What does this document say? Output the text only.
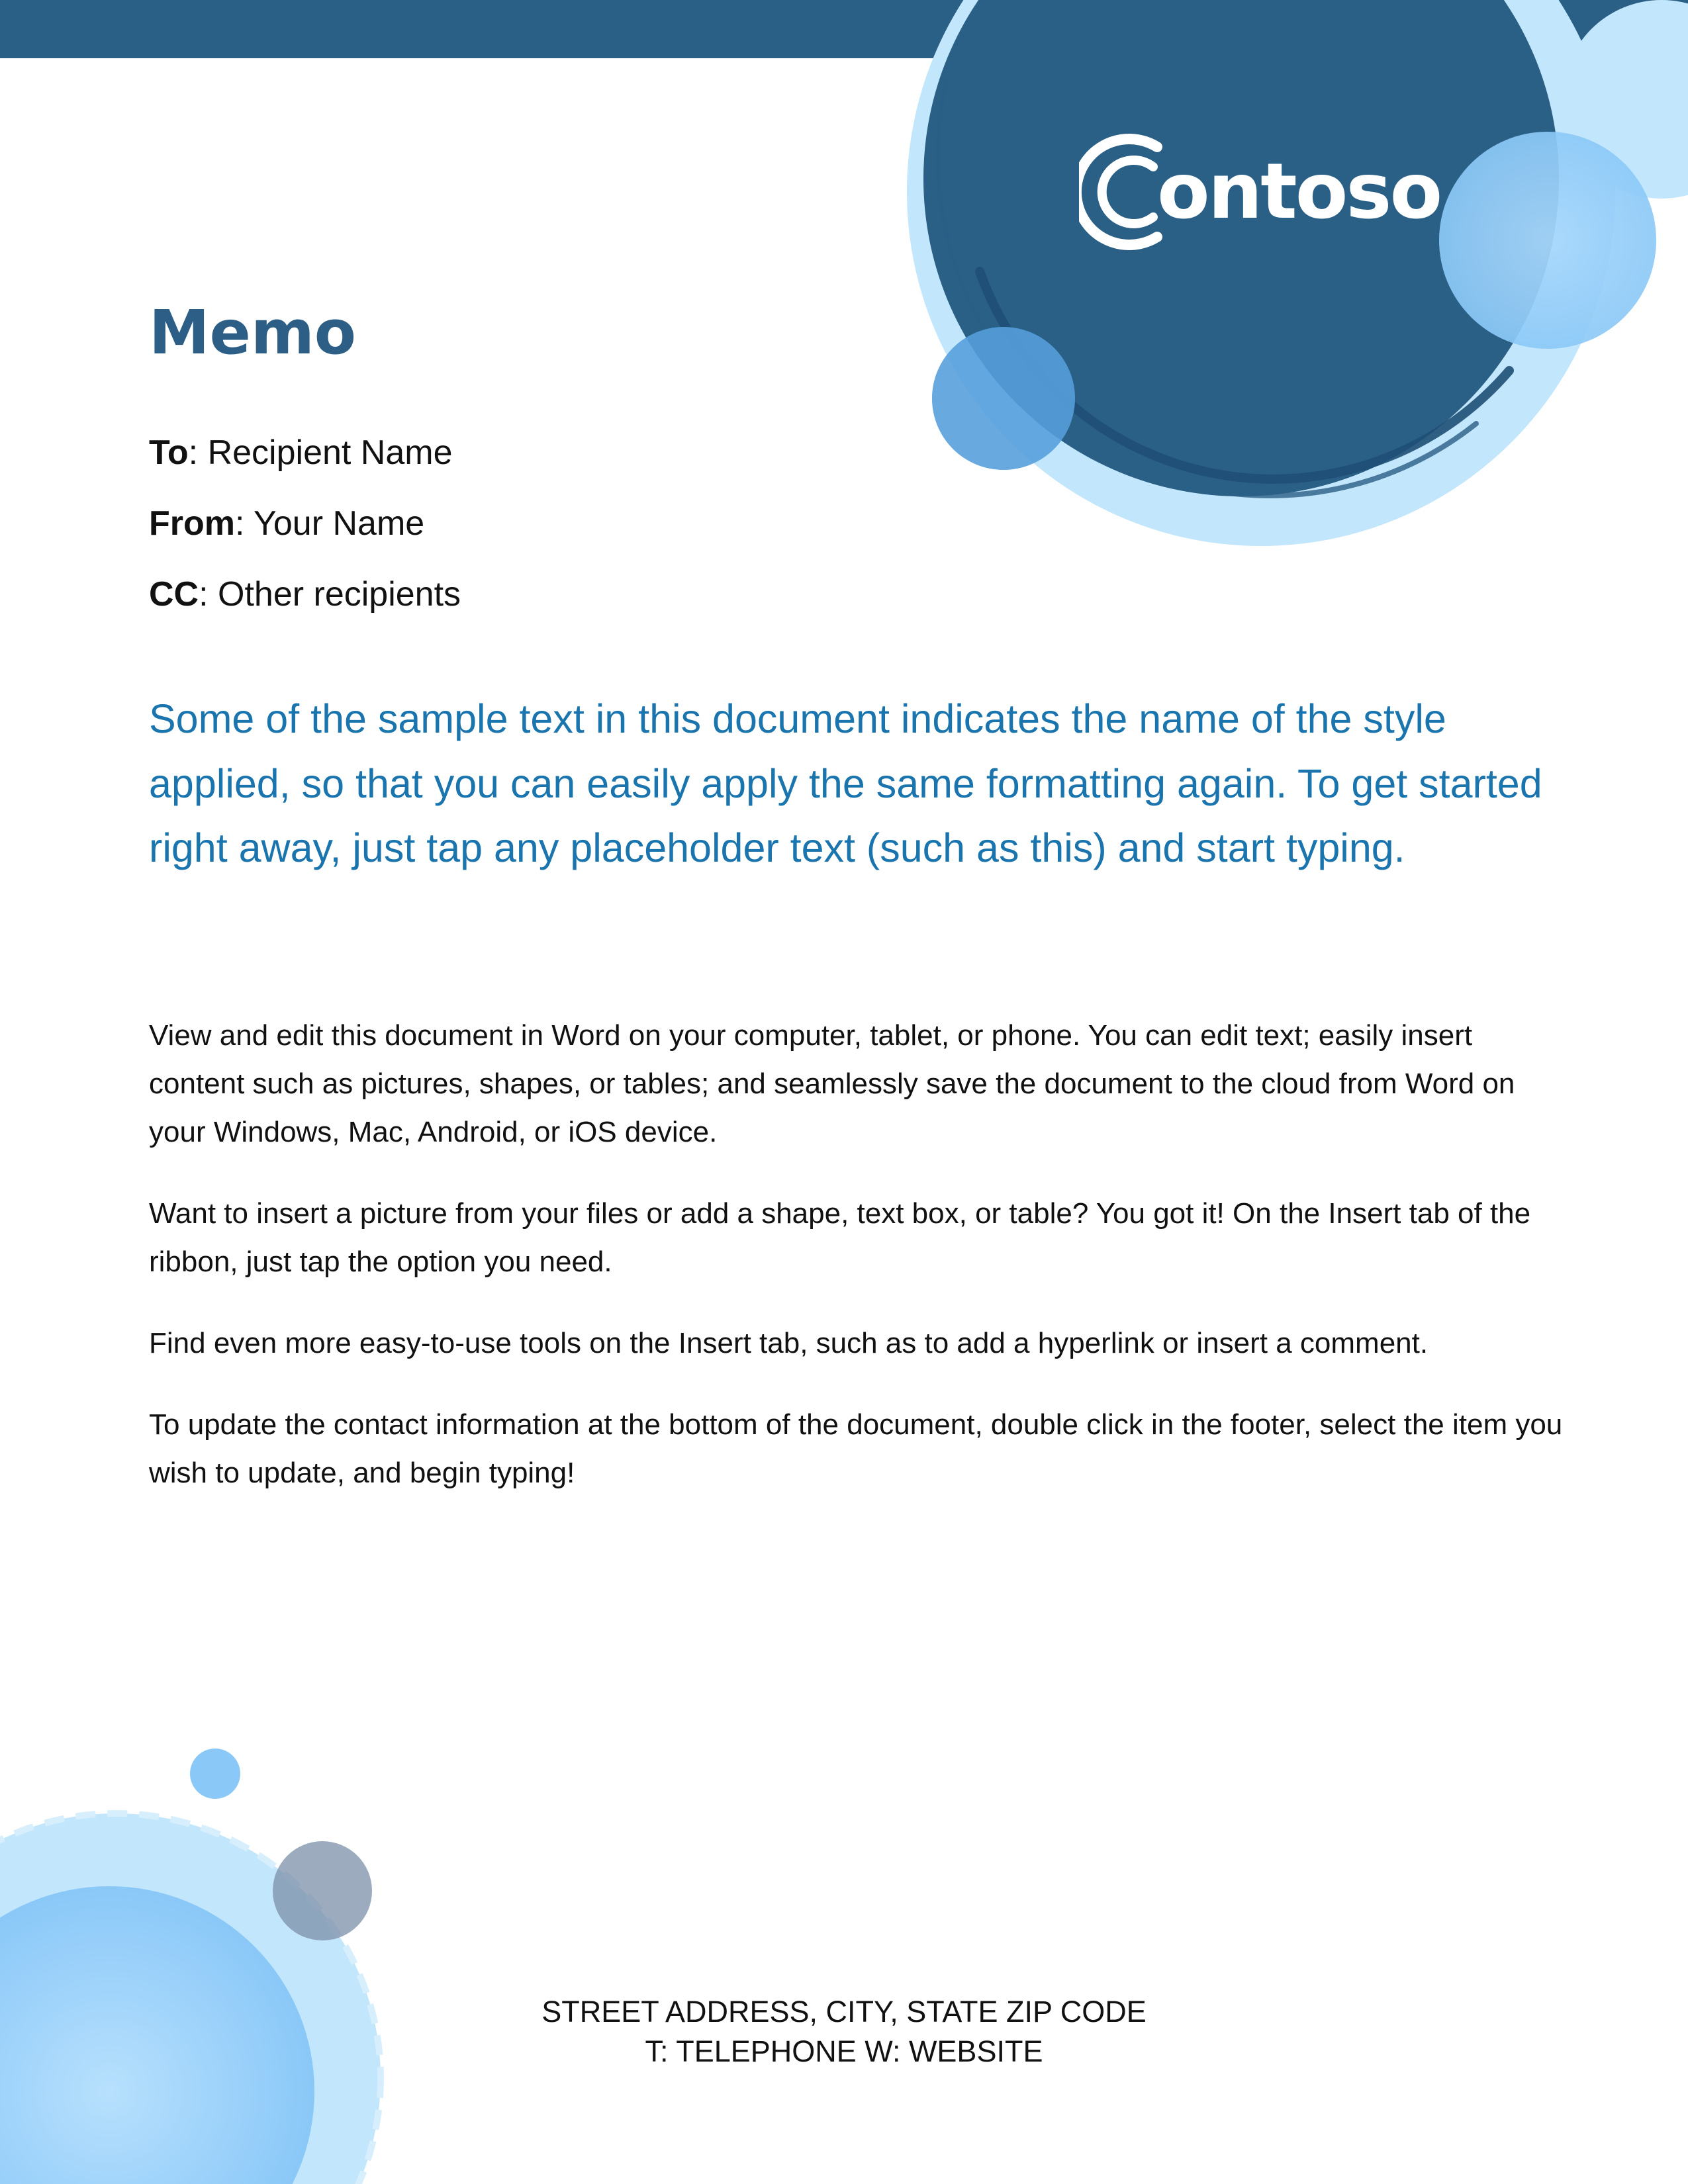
ontoso
Memo
To: Recipient Name
From: Your Name
CC: Other recipients
Some of the sample text in this document indicates the name of the style applied, so that you can easily apply the same formatting again. To get started right away, just tap any placeholder text (such as this) and start typing.

View and edit this document in Word on your computer, tablet, or phone. You can edit text; easily insert content such as pictures, shapes, or tables; and seamlessly save the document to the cloud from Word on your Windows, Mac, Android, or iOS device.

Want to insert a picture from your files or add a shape, text box, or table? You got it! On the Insert tab of the ribbon, just tap the option you need.

Find even more easy-to-use tools on the Insert tab, such as to add a hyperlink or insert a comment.

To update the contact information at the bottom of the document, double click in the footer, select the item you wish to update, and begin typing!

STREET ADDRESS, CITY, STATE ZIP CODE
T: TELEPHONE W: WEBSITE
